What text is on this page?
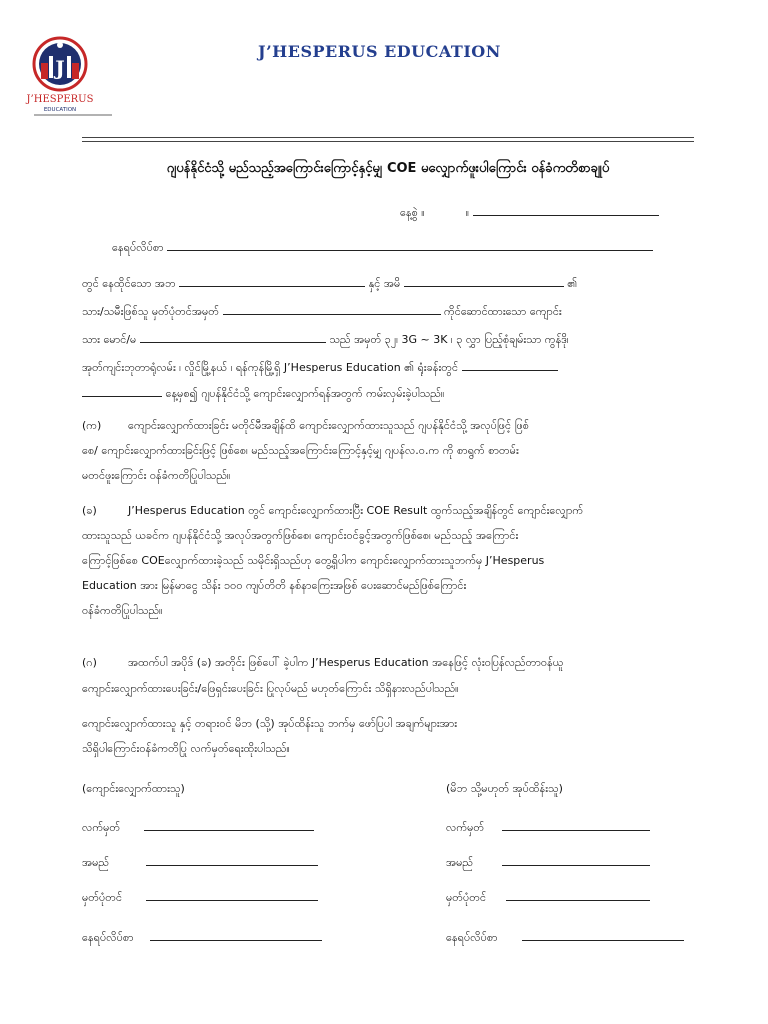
J
J’HESPERUS
EDUCATION
J’HESPERUS EDUCATION
ဂျပန်နိုင်ငံသို့ မည်သည့်အကြောင်းကြောင့်နှင့်မျှ COE မလျှောက်ဖူးပါကြောင်း ဝန်ခံကတိစာချုပ်
နေ့စွဲ ။	။
နေရပ်လိပ်စာ
တွင် နေထိုင်သော အဘ	နှင့် အမိ	၏
သား/သမီးဖြစ်သူ မှတ်ပုံတင်အမှတ်	ကိုင်ဆောင်ထားသော ကျောင်း
သား မောင်/မ	သည် အမှတ် ၃၂၊ 3G ~ 3K ၊ ၃ လွှာ ပြည့်စုံချမ်းသာ ကွန်ဒို၊
အုတ်ကျင်းဘုတာရုံလမ်း ၊ လှိုင်မြို့နယ် ၊ ရန်ကုန်မြို့ရှိ J’Hesperus Education ၏ ရုံးခန်းတွင်
နေ့မှစ၍ ဂျပန်နိုင်ငံသို့ ကျောင်းလျှောက်ရန်အတွက် ကမ်းလှမ်းခဲ့ပါသည်။
(က) ကျောင်းလျှောက်ထားခြင်း မတိုင်မီအချိန်ထိ ကျောင်းလျှောက်ထားသူသည် ဂျပန်နိုင်ငံသို့ အလုပ်ဖြင့် ဖြစ်
စေ/ ကျောင်းလျှောက်ထားခြင်းဖြင့် ဖြစ်စေ၊ မည်သည့်အကြောင်းကြောင့်နှင့်မျှ ဂျပန်လ.ဝ.က ကို စာရွက် စာတမ်း
မတင်ဖူးကြောင်း ဝန်ခံကတိပြုပါသည်။
(ခ)	J’Hesperus Education တွင် ကျောင်းလျှောက်ထားပြီး COE Result ထွက်သည့်အချိန်တွင် ကျောင်းလျှောက်
ထားသူသည် ယခင်က ဂျပန်နိုင်ငံသို့ အလုပ်အတွက်ဖြစ်စေ၊ ကျောင်းဝင်ခွင့်အတွက်ဖြစ်စေ၊ မည်သည့် အကြောင်း
ကြောင့်ဖြစ်စေ COEလျှောက်ထားခဲ့သည် သမိုင်းရှိသည်ဟု တွေ့ရှိပါက ကျောင်းလျှောက်ထားသူဘက်မှ J’Hesperus
Education အား မြန်မာငွေ သိန်း ၁၀၀ ကျပ်တိတိ နစ်နာကြေးအဖြစ် ပေးဆောင်မည်ဖြစ်ကြောင်း
ဝန်ခံကတိပြုပါသည်။
(ဂ)	အထက်ပါ အပိုဒ် (ခ) အတိုင်း ဖြစ်ပေါ် ခဲ့ပါက J’Hesperus Education အနေဖြင့် လုံးဝပြန်လည်တာဝန်ယူ
ကျောင်းလျှောက်ထားပေးခြင်း/ဖြေရှင်းပေးခြင်း ပြုလုပ်မည် မဟုတ်ကြောင်း သိရှိနားလည်ပါသည်။
ကျောင်းလျှောက်ထားသူ နှင့် တရားဝင် မိဘ (သို့) အုပ်ထိန်းသူ ဘက်မှ ဖော်ပြပါ အချက်များအား
သိရှိပါကြောင်းဝန်ခံကတိပြု လက်မှတ်ရေးထိုးပါသည်။
(ကျောင်းလျှောက်ထားသူ)
လက်မှတ်
အမည်
မှတ်ပုံတင်
နေရပ်လိပ်စာ
(မိဘ သို့မဟုတ် အုပ်ထိန်းသူ)
လက်မှတ်
အမည်
မှတ်ပုံတင်
နေရပ်လိပ်စာ
